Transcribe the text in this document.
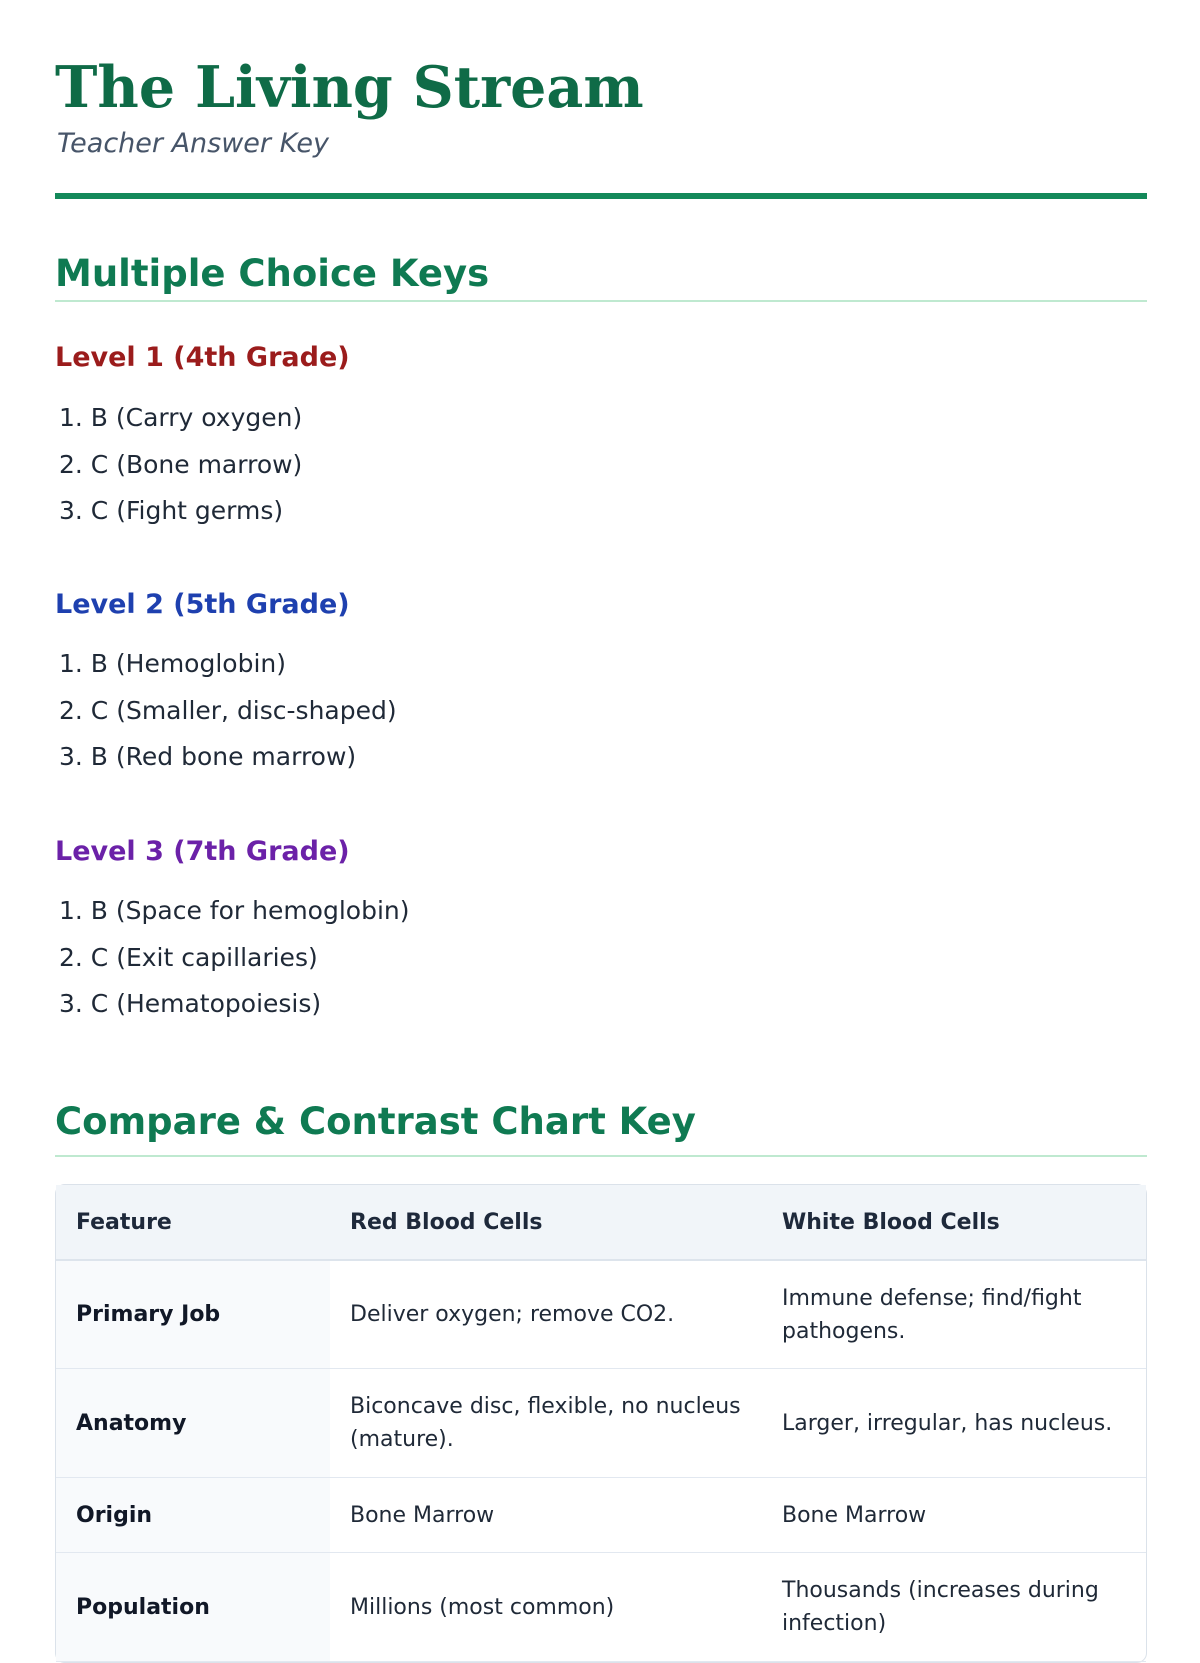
The Living Stream

Teacher Answer Key

Multiple Choice Keys
Level 1 (4th Grade)
1. B (Carry oxygen)
2. C (Bone marrow)
3. C (Fight germs)
Level 2 (5th Grade)
1. B (Hemoglobin)
2. C (Smaller, disc-shaped)
3. B (Red bone marrow)
Level 3 (7th Grade)
1. B (Space for hemoglobin)
2. C (Exit capillaries)
3. C (Hematopoiesis)
Compare & Contrast Chart Key
Feature	Red Blood Cells	White Blood Cells
Primary Job	Deliver oxygen; remove CO2.	Immune defense; find/fight pathogens.
Anatomy	Biconcave disc, flexible, no nucleus (mature).	Larger, irregular, has nucleus.
Origin	Bone Marrow	Bone Marrow
Population	Millions (most common)	Thousands (increases during infection)
